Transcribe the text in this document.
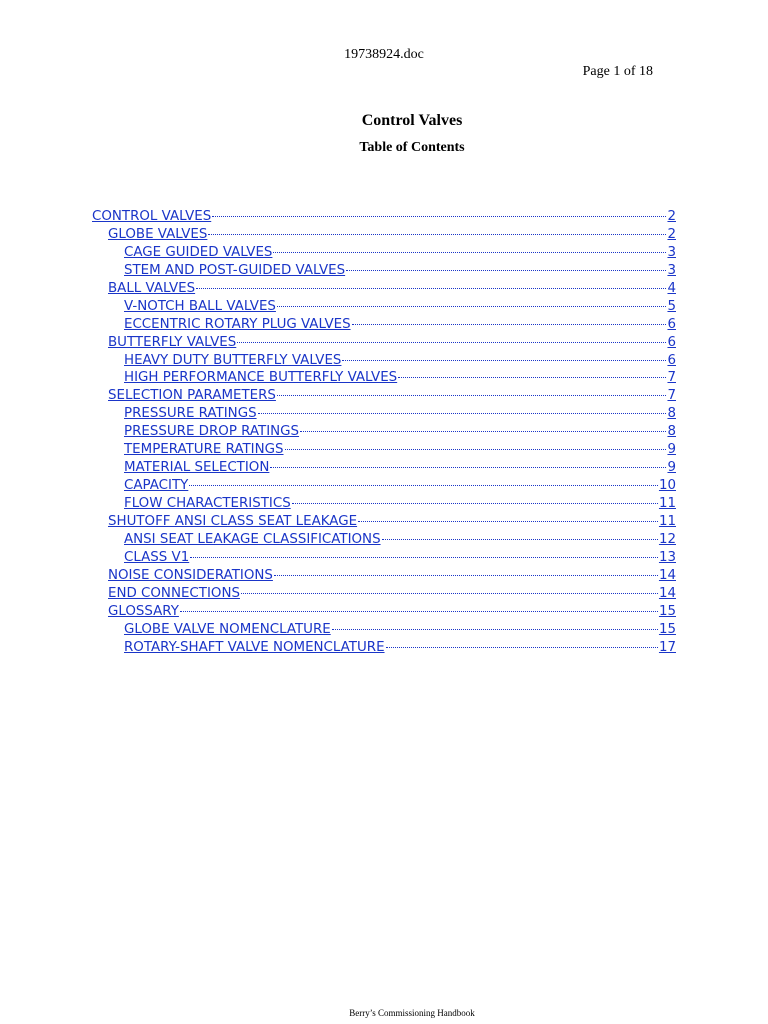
19738924.doc
Page 1 of 18
Control Valves
Table of Contents
CONTROL VALVES	2
GLOBE VALVES	2
CAGE GUIDED VALVES	3
STEM AND POST-GUIDED VALVES	3
BALL VALVES	4
V-NOTCH BALL VALVES	5
ECCENTRIC ROTARY PLUG VALVES	6
BUTTERFLY VALVES	6
HEAVY DUTY BUTTERFLY VALVES	6
HIGH PERFORMANCE BUTTERFLY VALVES	7
SELECTION PARAMETERS	7
PRESSURE RATINGS	8
PRESSURE DROP RATINGS	8
TEMPERATURE RATINGS	9
MATERIAL SELECTION	9
CAPACITY	10
FLOW CHARACTERISTICS	11
SHUTOFF ANSI CLASS SEAT LEAKAGE	11
ANSI SEAT LEAKAGE CLASSIFICATIONS	12
CLASS V1	13
NOISE CONSIDERATIONS	14
END CONNECTIONS	14
GLOSSARY	15
GLOBE VALVE NOMENCLATURE	15
ROTARY-SHAFT VALVE NOMENCLATURE	17
Berry’s Commissioning Handbook
